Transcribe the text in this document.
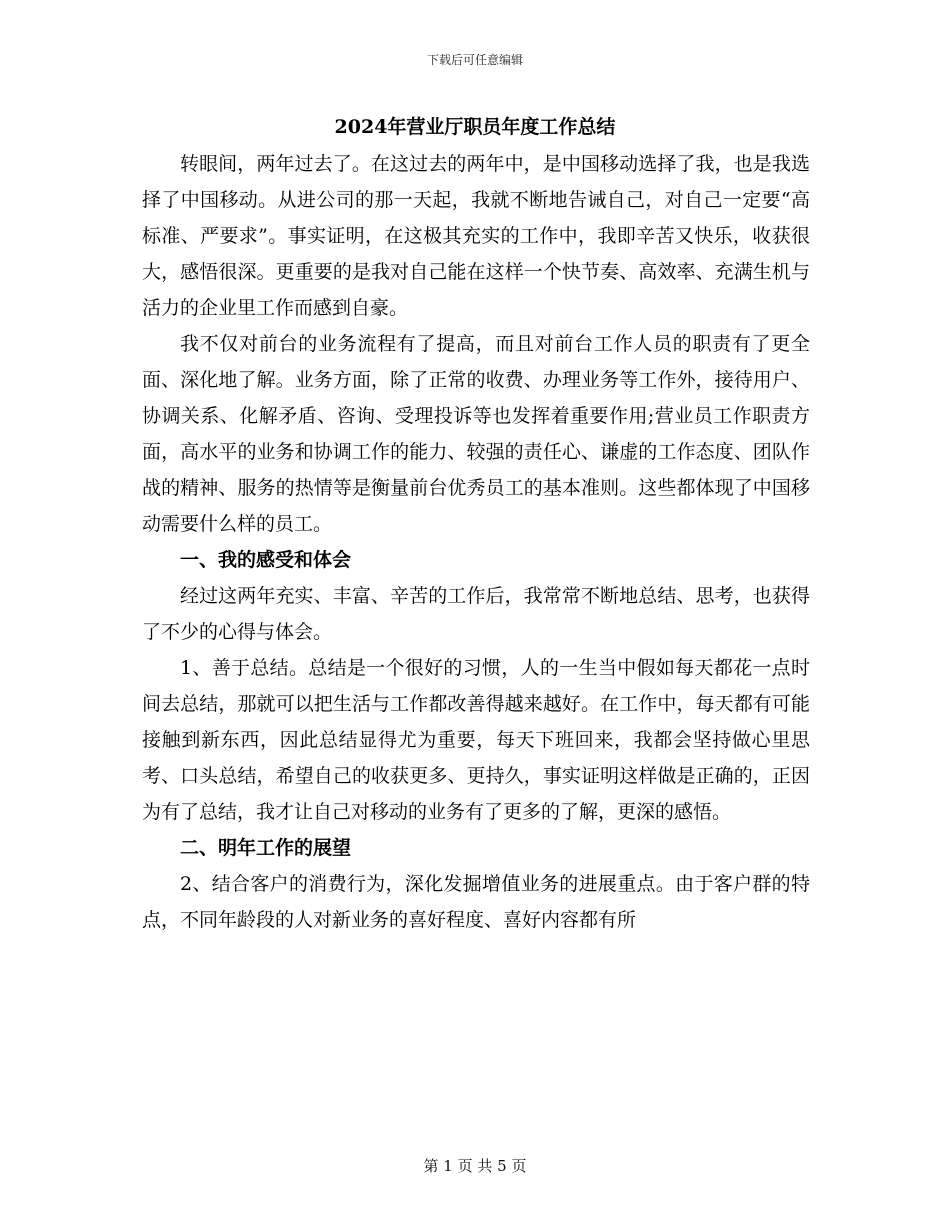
下载后可任意编辑
2024年营业厅职员年度工作总结

转眼间，两年过去了。在这过去的两年中，是中国移动选择了我，也是我选择了中国移动。从进公司的那一天起，我就不断地告诫自己，对自己一定要“高标准、严要求”。事实证明，在这极其充实的工作中，我即辛苦又快乐，收获很大，感悟很深。更重要的是我对自己能在这样一个快节奏、高效率、充满生机与活力的企业里工作而感到自豪。

我不仅对前台的业务流程有了提高，而且对前台工作人员的职责有了更全面、深化地了解。业务方面，除了正常的收费、办理业务等工作外，接待用户、协调关系、化解矛盾、咨询、受理投诉等也发挥着重要作用;营业员工作职责方面，高水平的业务和协调工作的能力、较强的责任心、谦虚的工作态度、团队作战的精神、服务的热情等是衡量前台优秀员工的基本准则。这些都体现了中国移动需要什么样的员工。

一、我的感受和体会

经过这两年充实、丰富、辛苦的工作后，我常常不断地总结、思考，也获得了不少的心得与体会。

1、善于总结。总结是一个很好的习惯，人的一生当中假如每天都花一点时间去总结，那就可以把生活与工作都改善得越来越好。在工作中，每天都有可能接触到新东西，因此总结显得尤为重要，每天下班回来，我都会坚持做心里思考、口头总结，希望自己的收获更多、更持久，事实证明这样做是正确的，正因为有了总结，我才让自己对移动的业务有了更多的了解，更深的感悟。

二、明年工作的展望

2、结合客户的消费行为，深化发掘增值业务的进展重点。由于客户群的特点，不同年龄段的人对新业务的喜好程度、喜好内容都有所

第 1 页 共 5 页
